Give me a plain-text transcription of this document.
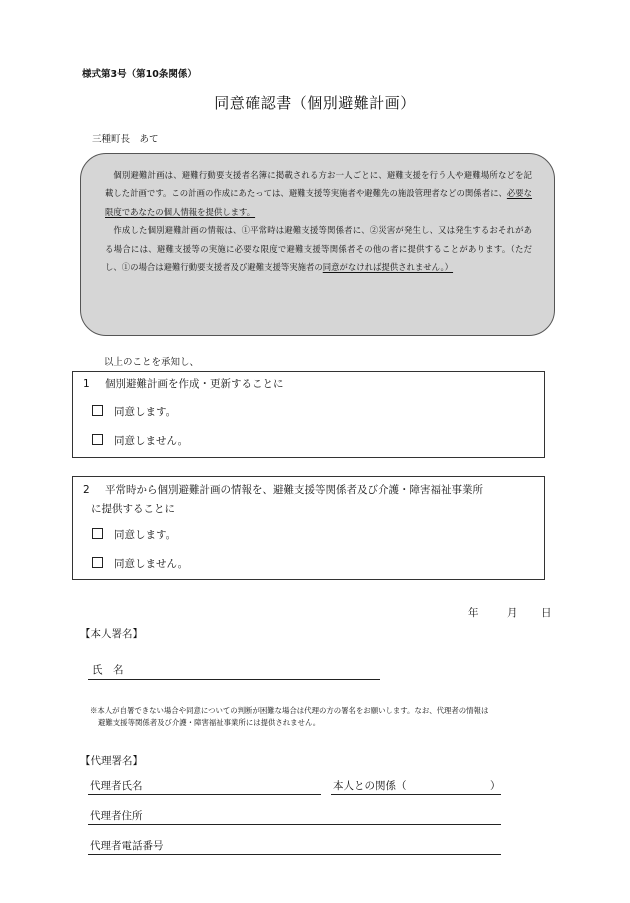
様式第3号（第10条関係）
同意確認書（個別避難計画）
三種町長　あて

個別避難計画は、避難行動要支援者名簿に掲載される方お一人ごとに、避難支援を行う人や避難場所などを記載した計画です。この計画の作成にあたっては、避難支援等実施者や避難先の施設管理者などの関係者に、必要な限度であなたの個人情報を提供します。

作成した個別避難計画の情報は、①平常時は避難支援等関係者に、②災害が発生し、又は発生するおそれがある場合には、避難支援等の実施に必要な限度で避難支援等関係者その他の者に提供することがあります。（ただし、①の場合は避難行動要支援者及び避難支援等実施者の同意がなければ提供されません。）

以上のことを承知し、
1 個別避難計画を作成・更新することに
同意します。
同意しません。
2 平常時から個別避難計画の情報を、避難支援等関係者及び介護・障害福祉事業所
に提供することに
同意します。
同意しません。
年	月 日
【本人署名】
氏　名

※本人が自署できない場合や同意についての判断が困難な場合は代理の方の署名をお願いします。なお、代理者の情報は避難支援等関係者及び介護・障害福祉事業所には提供されません。

【代理署名】
代理者氏名	本人との関係（	）
代理者住所
代理者電話番号
